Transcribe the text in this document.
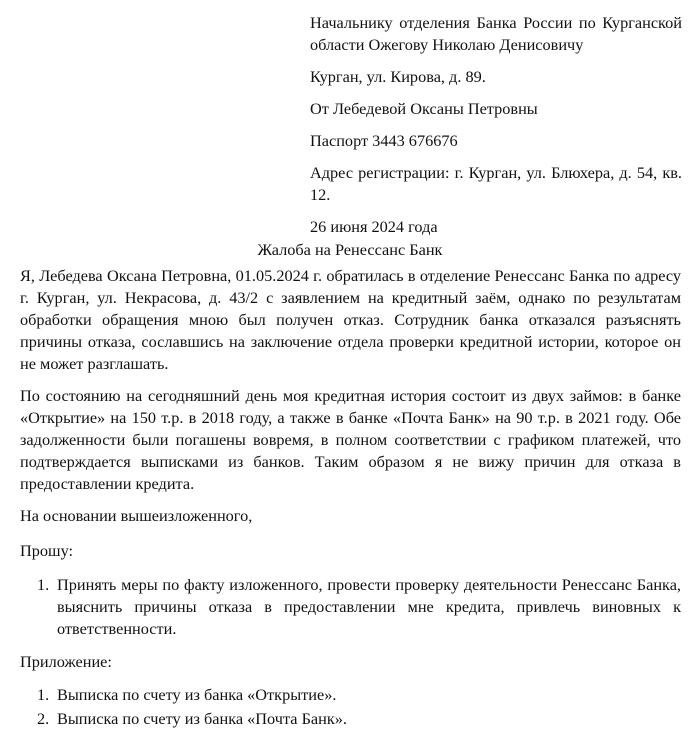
Начальнику отделения Банка России по Курганской области Ожегову Николаю Денисовичу

Курган, ул. Кирова, д. 89.

От Лебедевой Оксаны Петровны

Паспорт 3443 676676

Адрес регистрации: г. Курган, ул. Блюхера, д. 54, кв. 12.

26 июня 2024 года

Жалоба на Ренессанс Банк

Я, Лебедева Оксана Петровна, 01.05.2024 г. обратилась в отделение Ренессанс Банка по адресу г. Курган, ул. Некрасова, д. 43/2 с заявлением на кредитный заём, однако по результатам обработки обращения мною был получен отказ. Сотрудник банка отказался разъяснять причины отказа, сославшись на заключение отдела проверки кредитной истории, которое он не может разглашать.

По состоянию на сегодняшний день моя кредитная история состоит из двух займов: в банке «Открытие» на 150 т.р. в 2018 году, а также в банке «Почта Банк» на 90 т.р. в 2021 году. Обе задолженности были погашены вовремя, в полном соответствии с графиком платежей, что подтверждается выписками из банков. Таким образом я не вижу причин для отказа в предоставлении кредита.

На основании вышеизложенного,

Прошу:

1. Принять меры по факту изложенного, провести проверку деятельности Ренессанс Банка, выяснить причины отказа в предоставлении мне кредита, привлечь виновных к ответственности.

Приложение:

1. Выписка по счету из банка «Открытие».
2. Выписка по счету из банка «Почта Банк».
